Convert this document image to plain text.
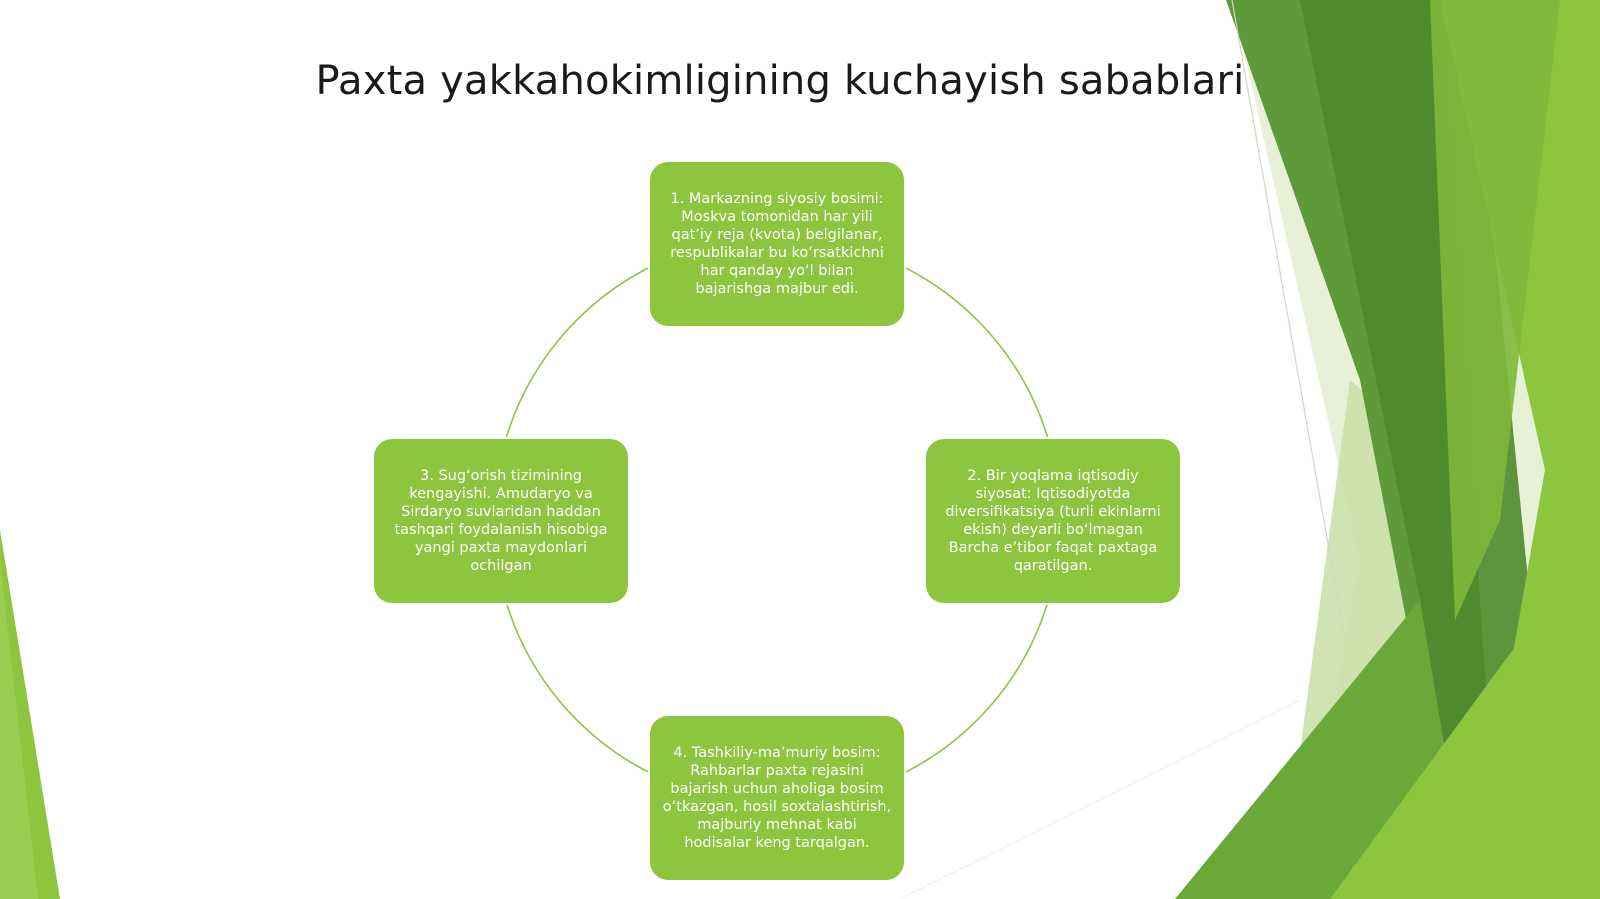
Paxta yakkahokimligining kuchayish sabablari
1. Markazning siyosiy bosimi: Moskva tomonidan har yili qat’iy reja (kvota) belgilanar, respublikalar bu ko‘rsatkichni har qanday yo‘l bilan bajarishga majbur edi.
2. Bir yoqlama iqtisodiy siyosat: Iqtisodiyotda diversifikatsiya (turli ekinlarni ekish) deyarli bo‘lmagan Barcha e’tibor faqat paxtaga qaratilgan.
3. Sug‘orish tizimining kengayishi. Amudaryo va Sirdaryo suvlaridan haddan tashqari foydalanish hisobiga yangi paxta maydonlari ochilgan
4. Tashkiliy-ma’muriy bosim: Rahbarlar paxta rejasini bajarish uchun aholiga bosim o‘tkazgan, hosil soxtalashtirish, majburiy mehnat kabi hodisalar keng tarqalgan.
